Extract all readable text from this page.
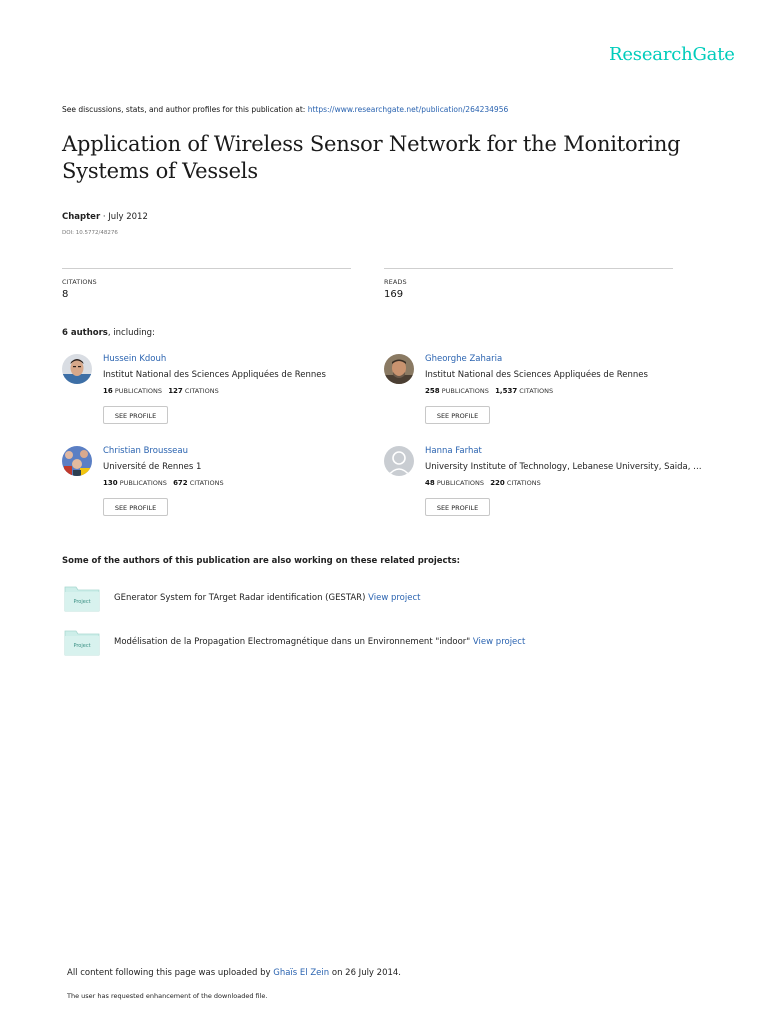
ResearchGate
See discussions, stats, and author profiles for this publication at: https://www.researchgate.net/publication/264234956
Application of Wireless Sensor Network for the Monitoring Systems of Vessels
Chapter · July 2012
DOI: 10.5772/48276
CITATIONS
8
READS
169
6 authors, including:
Hussein Kdouh
Institut National des Sciences Appliquées de Rennes
16 PUBLICATIONS 127 CITATIONS
SEE PROFILE
Gheorghe Zaharia
Institut National des Sciences Appliquées de Rennes
258 PUBLICATIONS 1,537 CITATIONS
SEE PROFILE
Christian Brousseau
Université de Rennes 1
130 PUBLICATIONS 672 CITATIONS
SEE PROFILE
Hanna Farhat
University Institute of Technology, Lebanese University, Saida, …
48 PUBLICATIONS 220 CITATIONS
SEE PROFILE
Some of the authors of this publication are also working on these related projects:
Project	GEnerator System for TArget Radar identification (GESTAR) View project
Project	Modélisation de la Propagation Electromagnétique dans un Environnement "indoor" View project
All content following this page was uploaded by Ghaïs El Zein on 26 July 2014.
The user has requested enhancement of the downloaded file.
